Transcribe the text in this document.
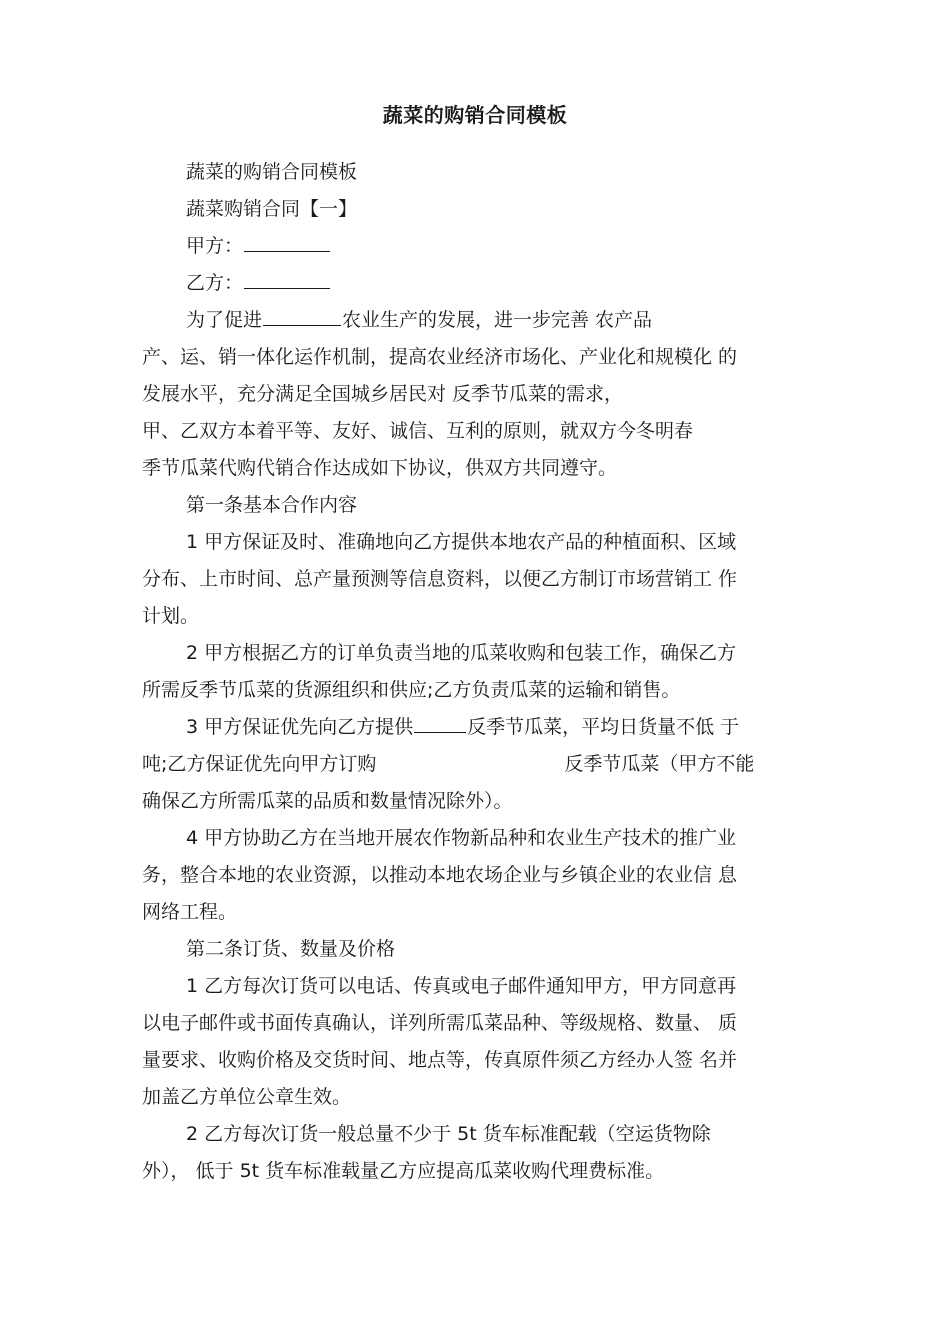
蔬菜的购销合同模板
蔬菜的购销合同模板
蔬菜购销合同【一】
甲方：
乙方：
为了促进	农业生产的发展，进一步完善 农产品
产、运、销一体化运作机制，提高农业经济市场化、产业化和规模化 的
发展水平，充分满足全国城乡居民对 反季节瓜菜的需求，
甲、乙双方本着平等、友好、诚信、互利的原则，就双方今冬明春
季节瓜菜代购代销合作达成如下协议，供双方共同遵守。
第一条基本合作内容
1 甲方保证及时、准确地向乙方提供本地农产品的种植面积、区域
分布、上市时间、总产量预测等信息资料，以便乙方制订市场营销工 作
计划。
2 甲方根据乙方的订单负责当地的瓜菜收购和包装工作，确保乙方
所需反季节瓜菜的货源组织和供应;乙方负责瓜菜的运输和销售。
3 甲方保证优先向乙方提供	反季节瓜菜，平均日货量不低 于
吨;乙方保证优先向甲方订购	反季节瓜菜（甲方不能
确保乙方所需瓜菜的品质和数量情况除外）。
4 甲方协助乙方在当地开展农作物新品种和农业生产技术的推广业
务，整合本地的农业资源，以推动本地农场企业与乡镇企业的农业信 息
网络工程。
第二条订货、数量及价格
1 乙方每次订货可以电话、传真或电子邮件通知甲方，甲方同意再
以电子邮件或书面传真确认，详列所需瓜菜品种、等级规格、数量、 质
量要求、收购价格及交货时间、地点等，传真原件须乙方经办人签 名并
加盖乙方单位公章生效。
2 乙方每次订货一般总量不少于 5t 货车标准配载（空运货物除
外）， 低于 5t 货车标准载量乙方应提高瓜菜收购代理费标准。
